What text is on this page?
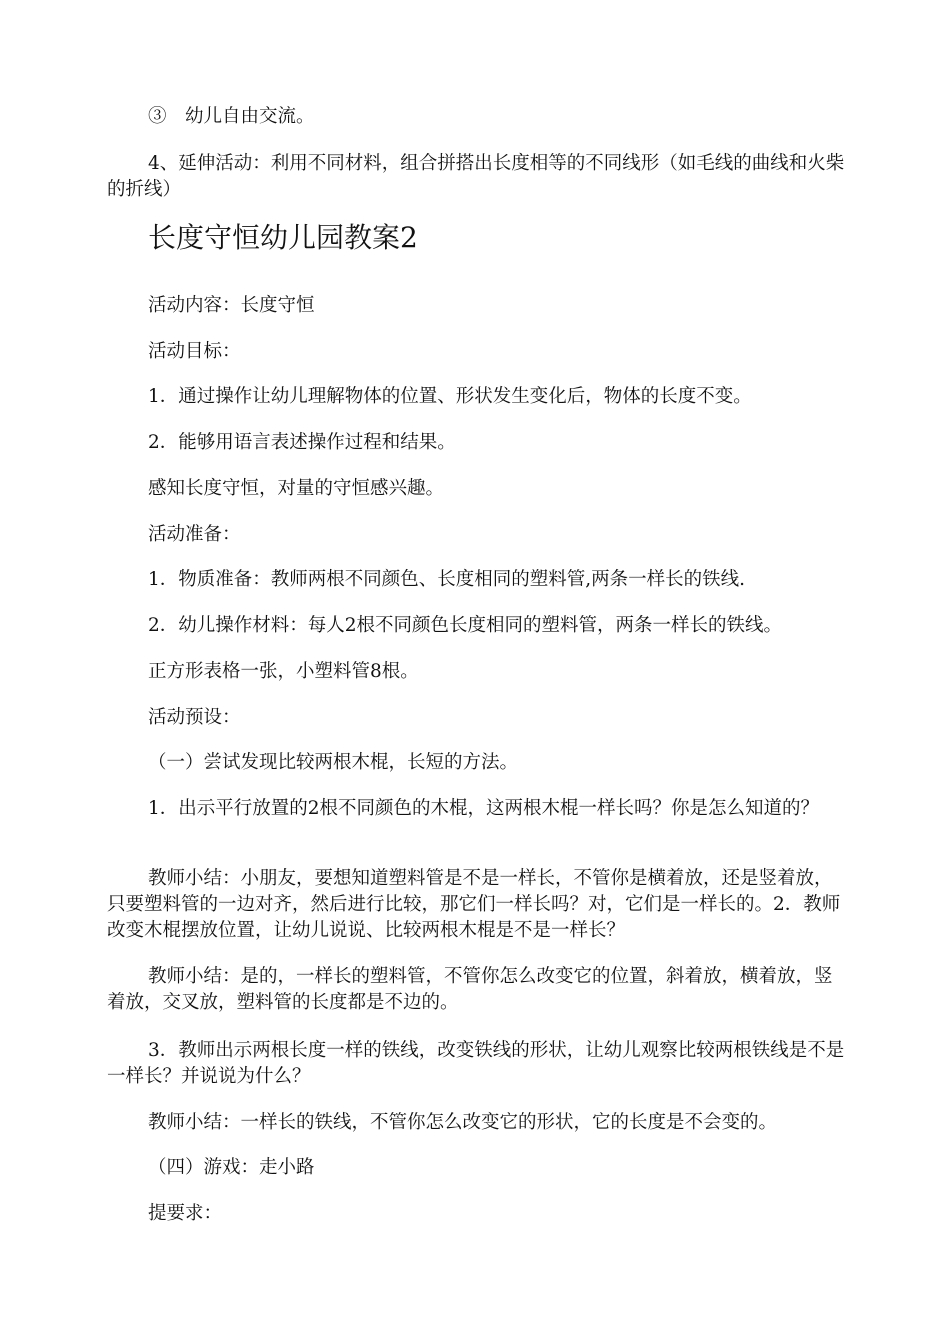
③　幼儿自由交流。

4、延伸活动：利用不同材料，组合拼搭出长度相等的不同线形（如毛线的曲线和火柴的折线）

长度守恒幼儿园教案2

活动内容：长度守恒

活动目标：

1．通过操作让幼儿理解物体的位置、形状发生变化后，物体的长度不变。

2．能够用语言表述操作过程和结果。

感知长度守恒，对量的守恒感兴趣。

活动准备：

1．物质准备：教师两根不同颜色、长度相同的塑料管,两条一样长的铁线.

2．幼儿操作材料：每人2根不同颜色长度相同的塑料管，两条一样长的铁线。

正方形表格一张，小塑料管8根。

活动预设：

（一）尝试发现比较两根木棍，长短的方法。

1．出示平行放置的2根不同颜色的木棍，这两根木棍一样长吗？你是怎么知道的？

教师小结：小朋友，要想知道塑料管是不是一样长，不管你是横着放，还是竖着放，只要塑料管的一边对齐，然后进行比较，那它们一样长吗？对，它们是一样长的。2．教师改变木棍摆放位置，让幼儿说说、比较两根木棍是不是一样长？

教师小结：是的，一样长的塑料管，不管你怎么改变它的位置，斜着放，横着放，竖着放，交叉放，塑料管的长度都是不边的。

3．教师出示两根长度一样的铁线，改变铁线的形状，让幼儿观察比较两根铁线是不是一样长？并说说为什么？

教师小结：一样长的铁线，不管你怎么改变它的形状，它的长度是不会变的。

（四）游戏：走小路

提要求：
